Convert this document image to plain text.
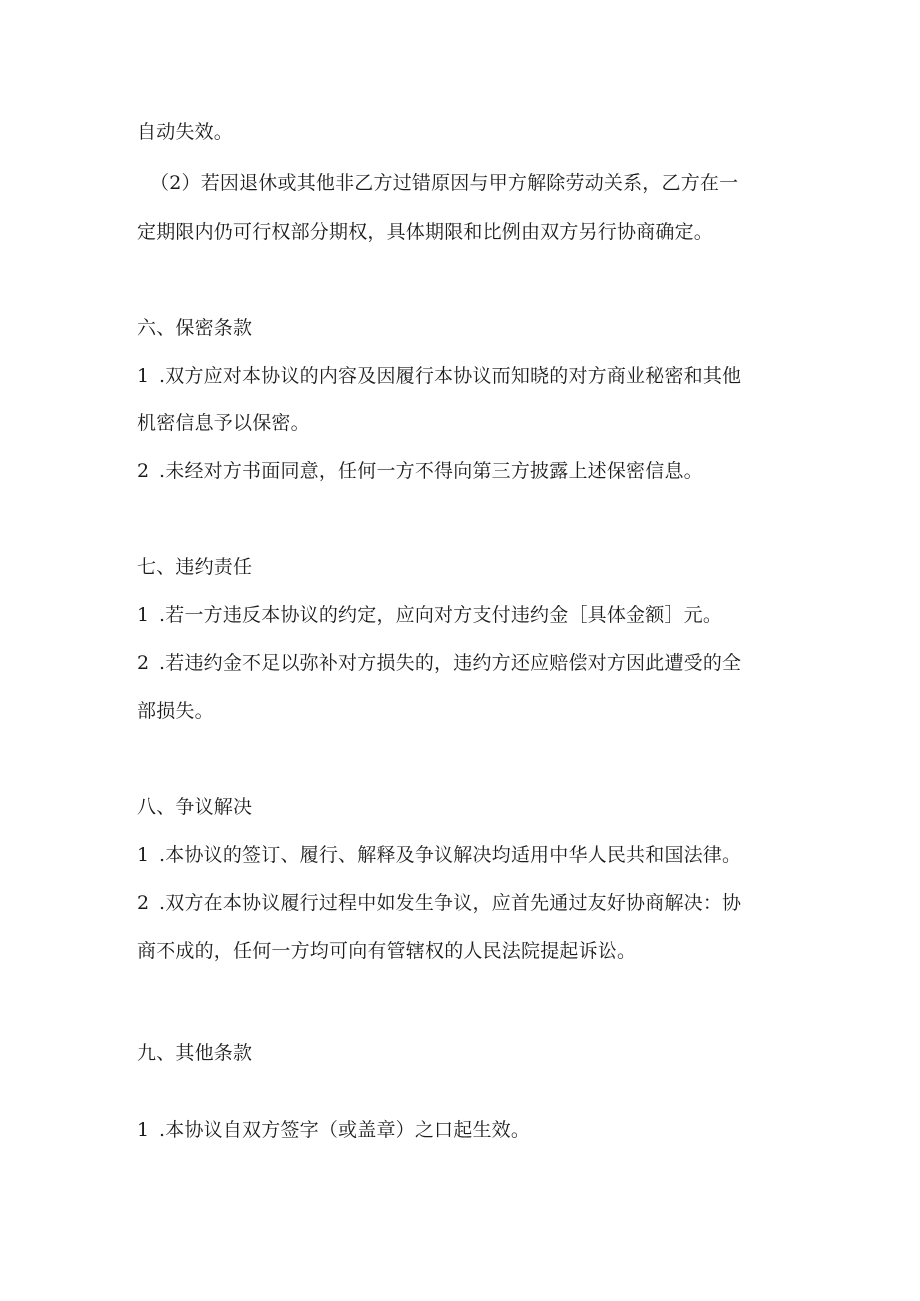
自动失效。

（2）若因退休或其他非乙方过错原因与甲方解除劳动关系，乙方在一

定期限内仍可行权部分期权，具体期限和比例由双方另行协商确定。

六、保密条款

1 .双方应对本协议的内容及因履行本协议而知晓的对方商业秘密和其他

机密信息予以保密。

2 .未经对方书面同意，任何一方不得向第三方披露上述保密信息。

七、违约责任

1 .若一方违反本协议的约定，应向对方支付违约金［具体金额］元。

2 .若违约金不足以弥补对方损失的，违约方还应赔偿对方因此遭受的全

部损失。

八、争议解决

1 .本协议的签订、履行、解释及争议解决均适用中华人民共和国法律。

2 .双方在本协议履行过程中如发生争议，应首先通过友好协商解决：协

商不成的，任何一方均可向有管辖权的人民法院提起诉讼。

九、其他条款

1 .本协议自双方签字（或盖章）之口起生效。
